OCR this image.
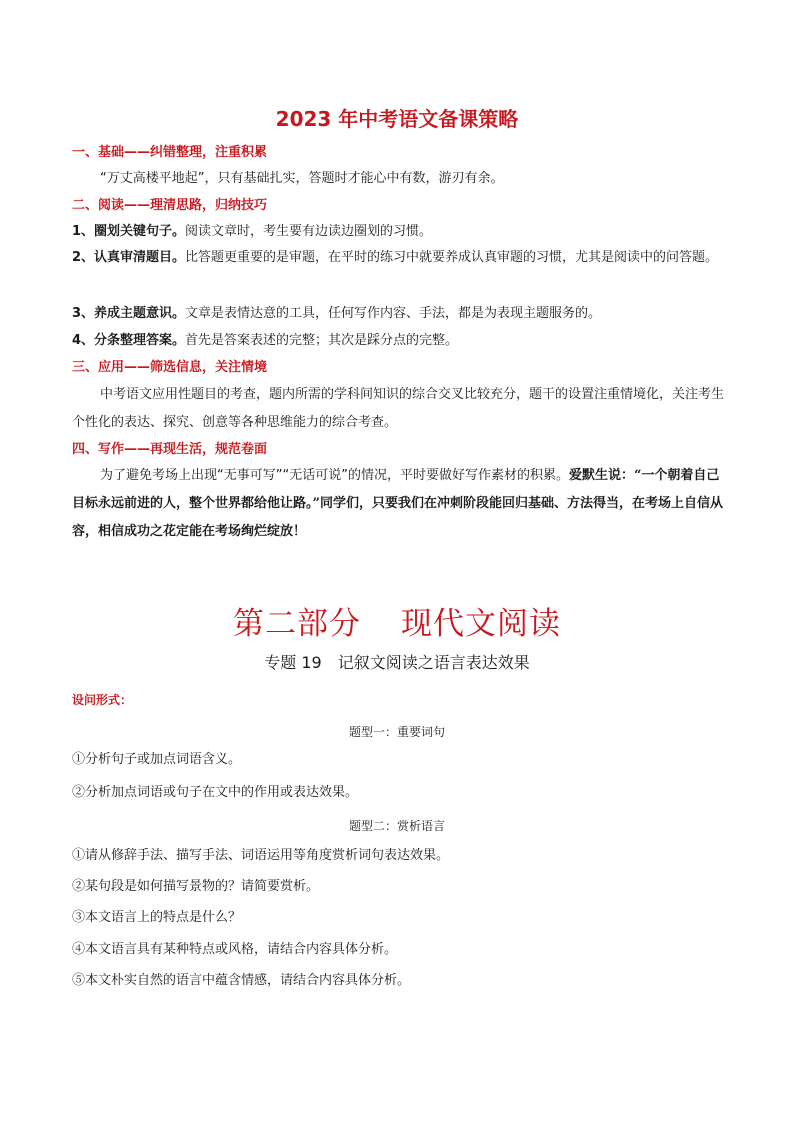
2023 年中考语文备课策略
一、基础——纠错整理，注重积累
“万丈高楼平地起”，只有基础扎实，答题时才能心中有数，游刃有余。
二、阅读——理清思路，归纳技巧
1、圈划关键句子。阅读文章时，考生要有边读边圈划的习惯。
2、认真审清题目。比答题更重要的是审题，在平时的练习中就要养成认真审题的习惯，尤其是阅读中的问答题。
3、养成主题意识。文章是表情达意的工具，任何写作内容、手法，都是为表现主题服务的。
4、分条整理答案。首先是答案表述的完整；其次是踩分点的完整。
三、应用——筛选信息，关注情境
中考语文应用性题目的考查，题内所需的学科间知识的综合交叉比较充分，题干的设置注重情境化，关注考生个性化的表达、探究、创意等各种思维能力的综合考查。
四、写作——再现生活，规范卷面
为了避免考场上出现“无事可写”“无话可说”的情况，平时要做好写作素材的积累。爱默生说：“一个朝着自己目标永远前进的人，整个世界都给他让路。”同学们，只要我们在冲刺阶段能回归基础、方法得当，在考场上自信从容，相信成功之花定能在考场绚烂绽放！
第二部分 现代文阅读
专题 19　记叙文阅读之语言表达效果
设问形式：
题型一：重要词句
①分析句子或加点词语含义。
②分析加点词语或句子在文中的作用或表达效果。
题型二：赏析语言
①请从修辞手法、描写手法、词语运用等角度赏析词句表达效果。
②某句段是如何描写景物的？请简要赏析。
③本文语言上的特点是什么？
④本文语言具有某种特点或风格，请结合内容具体分析。
⑤本文朴实自然的语言中蕴含情感，请结合内容具体分析。
